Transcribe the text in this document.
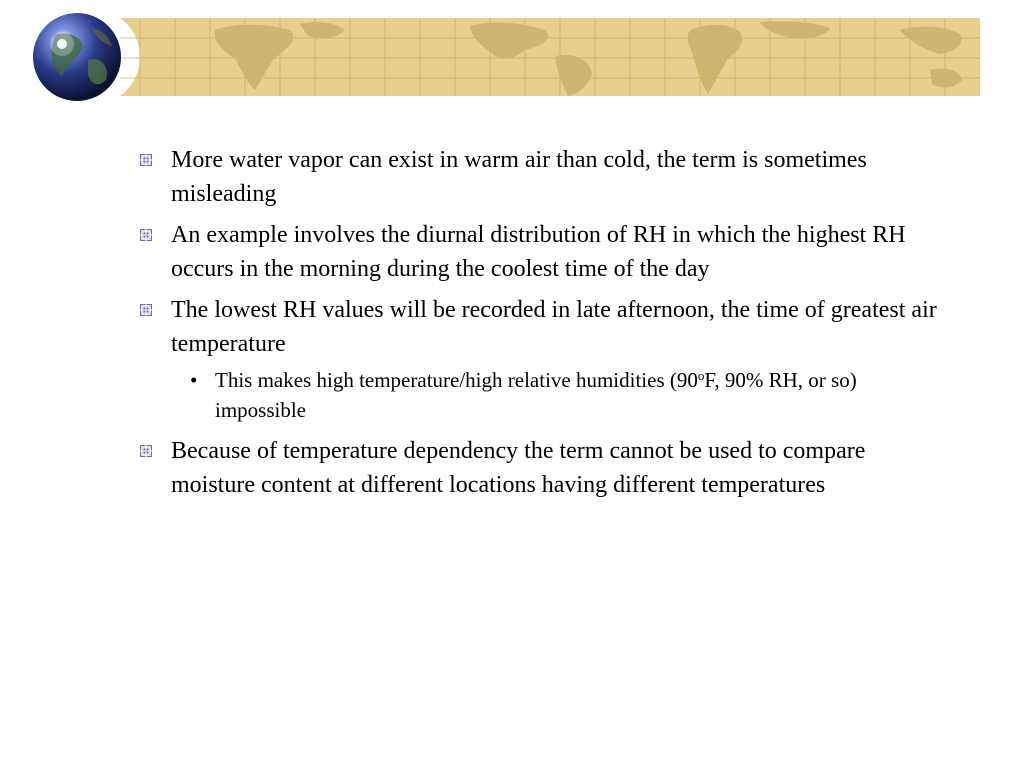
More water vapor can exist in warm air than cold, the term is sometimes misleading
An example involves the diurnal distribution of RH in which the highest RH occurs in the morning during the coolest time of the day
The lowest RH values will be recorded in late afternoon, the time of greatest air temperature
• This makes high temperature/high relative humidities (90$^o$F, 90% RH, or so) impossible
Because of temperature dependency the term cannot be used to compare moisture content at different locations having different temperatures
